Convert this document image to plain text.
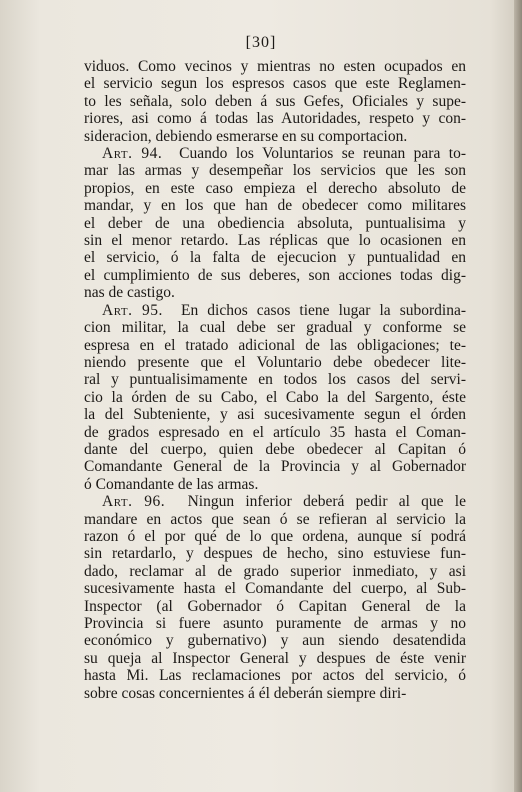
[30]
viduos. Como vecinos y mientras no esten ocupados en
el servicio segun los espresos casos que este Reglamen-
to les señala, solo deben á sus Gefes, Oficiales y supe-
riores, asi como á todas las Autoridades, respeto y con-
sideracion, debiendo esmerarse en su comportacion.
Art. 94. Cuando los Voluntarios se reunan para to-
mar las armas y desempeñar los servicios que les son
propios, en este caso empieza el derecho absoluto de
mandar, y en los que han de obedecer como militares
el deber de una obediencia absoluta, puntualisima y
sin el menor retardo. Las réplicas que lo ocasionen en
el servicio, ó la falta de ejecucion y puntualidad en
el cumplimiento de sus deberes, son acciones todas dig-
nas de castigo.
Art. 95. En dichos casos tiene lugar la subordina-
cion militar, la cual debe ser gradual y conforme se
espresa en el tratado adicional de las obligaciones; te-
niendo presente que el Voluntario debe obedecer lite-
ral y puntualisimamente en todos los casos del servi-
cio la órden de su Cabo, el Cabo la del Sargento, éste
la del Subteniente, y asi sucesivamente segun el órden
de grados espresado en el artículo 35 hasta el Coman-
dante del cuerpo, quien debe obedecer al Capitan ó
Comandante General de la Provincia y al Gobernador
ó Comandante de las armas.
Art. 96. Ningun inferior deberá pedir al que le
mandare en actos que sean ó se refieran al servicio la
razon ó el por qué de lo que ordena, aunque sí podrá
sin retardarlo, y despues de hecho, sino estuviese fun-
dado, reclamar al de grado superior inmediato, y asi
sucesivamente hasta el Comandante del cuerpo, al Sub-
Inspector (al Gobernador ó Capitan General de la
Provincia si fuere asunto puramente de armas y no
económico y gubernativo) y aun siendo desatendida
su queja al Inspector General y despues de éste venir
hasta Mi. Las reclamaciones por actos del servicio, ó
sobre cosas concernientes á él deberán siempre diri-
